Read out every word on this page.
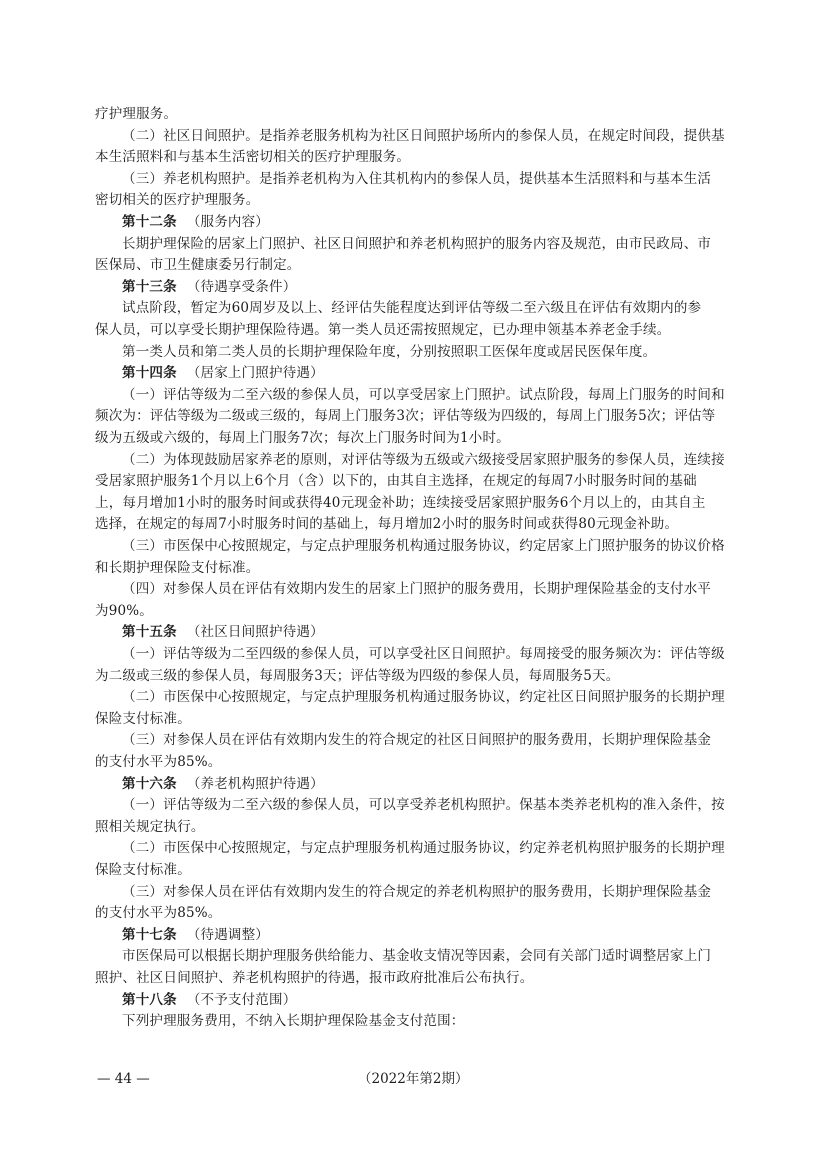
疗护理服务。
（二）社区日间照护。是指养老服务机构为社区日间照护场所内的参保人员，在规定时间段，提供基
本生活照料和与基本生活密切相关的医疗护理服务。
（三）养老机构照护。是指养老机构为入住其机构内的参保人员，提供基本生活照料和与基本生活
密切相关的医疗护理服务。
第十二条 （服务内容）
长期护理保险的居家上门照护、社区日间照护和养老机构照护的服务内容及规范，由市民政局、市
医保局、市卫生健康委另行制定。
第十三条 （待遇享受条件）
试点阶段，暂定为60周岁及以上、经评估失能程度达到评估等级二至六级且在评估有效期内的参
保人员，可以享受长期护理保险待遇。第一类人员还需按照规定，已办理申领基本养老金手续。
第一类人员和第二类人员的长期护理保险年度，分别按照职工医保年度或居民医保年度。
第十四条 （居家上门照护待遇）
（一）评估等级为二至六级的参保人员，可以享受居家上门照护。试点阶段，每周上门服务的时间和
频次为：评估等级为二级或三级的，每周上门服务3次；评估等级为四级的，每周上门服务5次；评估等
级为五级或六级的，每周上门服务7次；每次上门服务时间为1小时。
（二）为体现鼓励居家养老的原则，对评估等级为五级或六级接受居家照护服务的参保人员，连续接
受居家照护服务1个月以上6个月（含）以下的，由其自主选择，在规定的每周7小时服务时间的基础
上，每月增加1小时的服务时间或获得40元现金补助；连续接受居家照护服务6个月以上的，由其自主
选择，在规定的每周7小时服务时间的基础上，每月增加2小时的服务时间或获得80元现金补助。
（三）市医保中心按照规定，与定点护理服务机构通过服务协议，约定居家上门照护服务的协议价格
和长期护理保险支付标准。
（四）对参保人员在评估有效期内发生的居家上门照护的服务费用，长期护理保险基金的支付水平
为90%。
第十五条 （社区日间照护待遇）
（一）评估等级为二至四级的参保人员，可以享受社区日间照护。每周接受的服务频次为：评估等级
为二级或三级的参保人员，每周服务3天；评估等级为四级的参保人员，每周服务5天。
（二）市医保中心按照规定，与定点护理服务机构通过服务协议，约定社区日间照护服务的长期护理
保险支付标准。
（三）对参保人员在评估有效期内发生的符合规定的社区日间照护的服务费用，长期护理保险基金
的支付水平为85%。
第十六条 （养老机构照护待遇）
（一）评估等级为二至六级的参保人员，可以享受养老机构照护。保基本类养老机构的准入条件，按
照相关规定执行。
（二）市医保中心按照规定，与定点护理服务机构通过服务协议，约定养老机构照护服务的长期护理
保险支付标准。
（三）对参保人员在评估有效期内发生的符合规定的养老机构照护的服务费用，长期护理保险基金
的支付水平为85%。
第十七条 （待遇调整）
市医保局可以根据长期护理服务供给能力、基金收支情况等因素，会同有关部门适时调整居家上门
照护、社区日间照护、养老机构照护的待遇，报市政府批准后公布执行。
第十八条 （不予支付范围）
下列护理服务费用，不纳入长期护理保险基金支付范围：
— 44 —	（2022年第2期）
